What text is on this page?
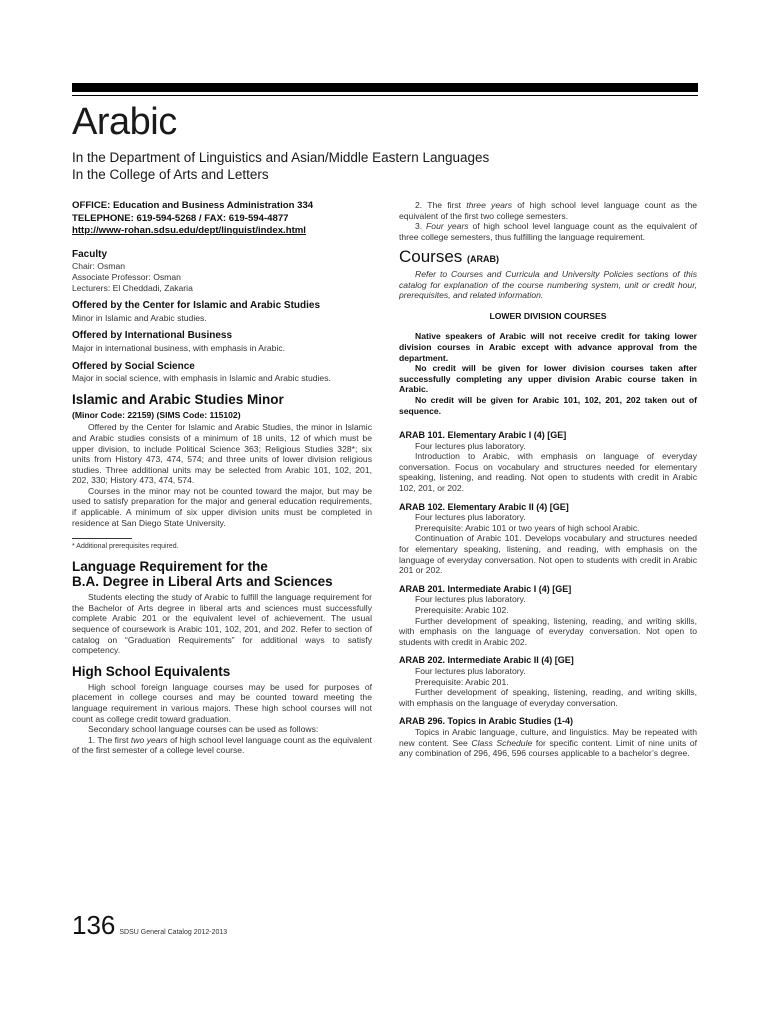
Arabic
In the Department of Linguistics and Asian/Middle Eastern Languages
In the College of Arts and Letters

OFFICE: Education and Business Administration 334

TELEPHONE: 619-594-5268 / FAX: 619-594-4877

http://www-rohan.sdsu.edu/dept/linguist/index.html

Faculty

Chair: Osman

Associate Professor: Osman

Lecturers: El Cheddadi, Zakaria

Offered by the Center for Islamic and Arabic Studies

Minor in Islamic and Arabic studies.

Offered by International Business

Major in international business, with emphasis in Arabic.

Offered by Social Science

Major in social science, with emphasis in Islamic and Arabic studies.

Islamic and Arabic Studies Minor
(Minor Code: 22159) (SIMS Code: 115102)

Offered by the Center for Islamic and Arabic Studies, the minor in Islamic and Arabic studies consists of a minimum of 18 units, 12 of which must be upper division, to include Political Science 363; Religious Studies 328*; six units from History 473, 474, 574; and three units of lower division religious studies. Three additional units may be selected from Arabic 101, 102, 201, 202, 330; History 473, 474, 574.

Courses in the minor may not be counted toward the major, but may be used to satisfy preparation for the major and general education requirements, if applicable. A minimum of six upper division units must be completed in residence at San Diego State University.

* Additional prerequisites required.

Language Requirement for the
B.A. Degree in Liberal Arts and Sciences

Students electing the study of Arabic to fulfill the language requirement for the Bachelor of Arts degree in liberal arts and sciences must successfully complete Arabic 201 or the equivalent level of achievement. The usual sequence of coursework is Arabic 101, 102, 201, and 202. Refer to section of catalog on “Graduation Requirements” for additional ways to satisfy competency.

High School Equivalents

High school foreign language courses may be used for purposes of placement in college courses and may be counted toward meeting the language requirement in various majors. These high school courses will not count as college credit toward graduation.

Secondary school language courses can be used as follows:

1. The first two years of high school level language count as the equivalent of the first semester of a college level course.

2. The first three years of high school level language count as the equivalent of the first two college semesters.

3. Four years of high school level language count as the equivalent of three college semesters, thus fulfilling the language requirement.

Courses (ARAB)

Refer to Courses and Curricula and University Policies sections of this catalog for explanation of the course numbering system, unit or credit hour, prerequisites, and related information.

LOWER DIVISION COURSES

Native speakers of Arabic will not receive credit for taking lower division courses in Arabic except with advance approval from the department.

No credit will be given for lower division courses taken after successfully completing any upper division Arabic course taken in Arabic.

No credit will be given for Arabic 101, 102, 201, 202 taken out of sequence.

ARAB 101. Elementary Arabic I (4) [GE]

Four lectures plus laboratory.

Introduction to Arabic, with emphasis on language of everyday conversation. Focus on vocabulary and structures needed for elementary speaking, listening, and reading. Not open to students with credit in Arabic 102, 201, or 202.

ARAB 102. Elementary Arabic II (4) [GE]

Four lectures plus laboratory.

Prerequisite: Arabic 101 or two years of high school Arabic.

Continuation of Arabic 101. Develops vocabulary and structures needed for elementary speaking, listening, and reading, with emphasis on the language of everyday conversation. Not open to students with credit in Arabic 201 or 202.

ARAB 201. Intermediate Arabic I (4) [GE]

Four lectures plus laboratory.

Prerequisite: Arabic 102.

Further development of speaking, listening, reading, and writing skills, with emphasis on the language of everyday conversation. Not open to students with credit in Arabic 202.

ARAB 202. Intermediate Arabic II (4) [GE]

Four lectures plus laboratory.

Prerequisite: Arabic 201.

Further development of speaking, listening, reading, and writing skills, with emphasis on the language of everyday conversation.

ARAB 296. Topics in Arabic Studies (1-4)

Topics in Arabic language, culture, and linguistics. May be repeated with new content. See Class Schedule for specific content. Limit of nine units of any combination of 296, 496, 596 courses applicable to a bachelor’s degree.

136 SDSU General Catalog 2012-2013
